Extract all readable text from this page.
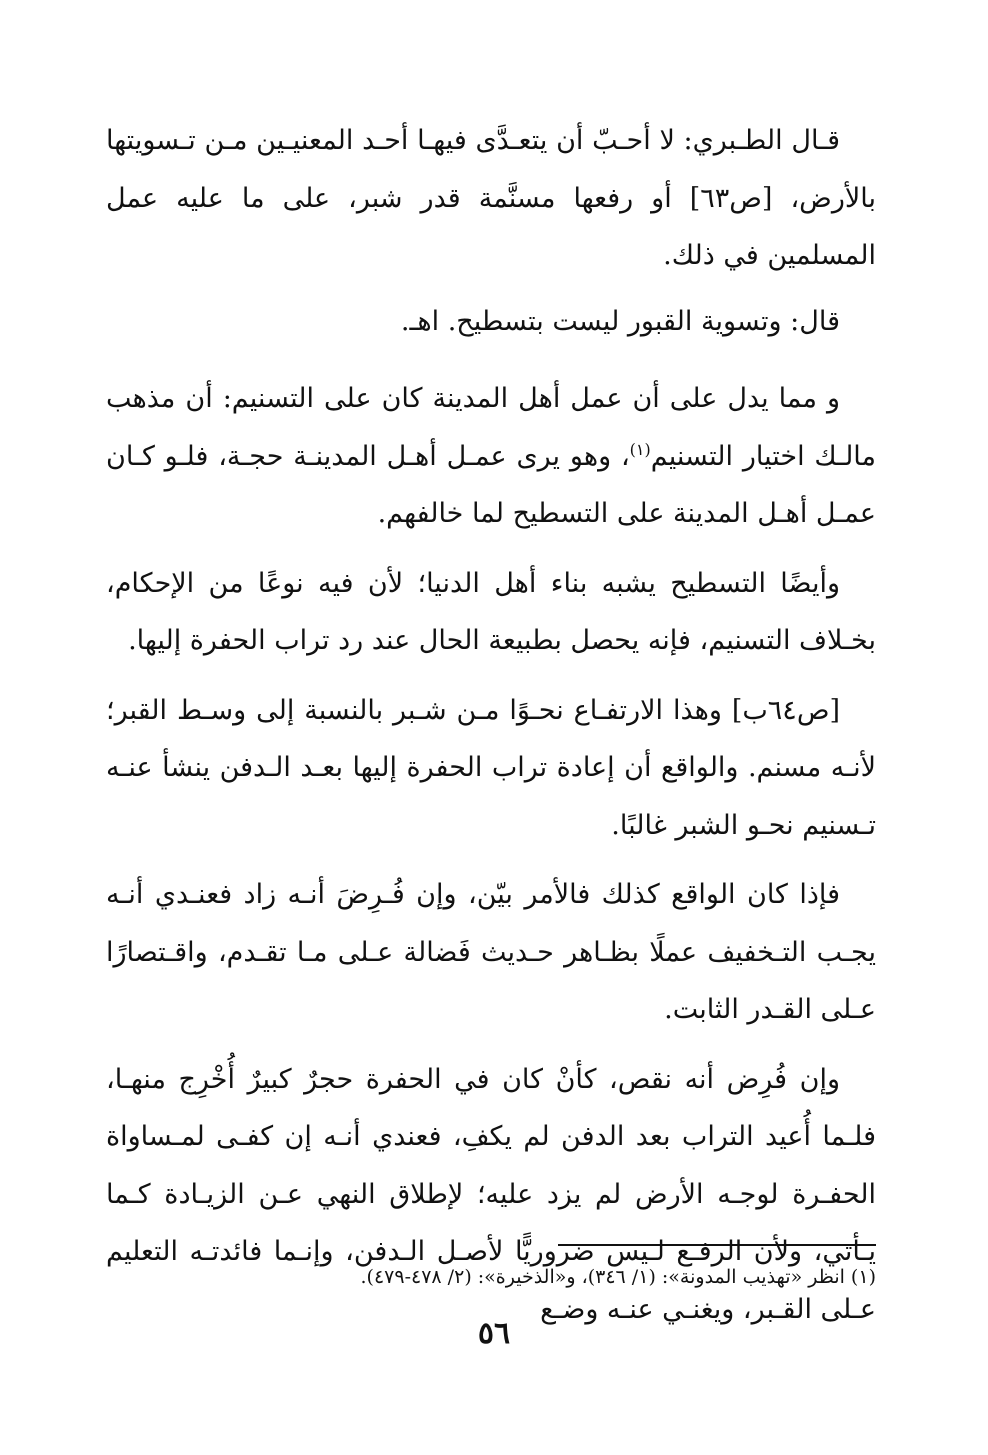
قـال الطـبري: لا أحـبّ أن يتعـدَّى فيهـا أحـد المعنيـين مـن تـسويتها بالأرض، [ص٦٣] أو رفعها مسنَّمة قدر شبر، على ما عليه عمل المسلمين في ذلك.

قال: وتسوية القبور ليست بتسطيح. اهـ.

و مما يدل على أن عمل أهل المدينة كان على التسنيم: أن مذهب مالـك اختيار التسنيم$^{(١)}$، وهو يرى عمـل أهـل المدينـة حجـة، فلـو كـان عمـل أهـل المدينة على التسطيح لما خالفهم.

وأيضًا التسطيح يشبه بناء أهل الدنيا؛ لأن فيه نوعًا من الإحكام، بخـلاف التسنيم، فإنه يحصل بطبيعة الحال عند رد تراب الحفرة إليها.

[ص٦٤ب] وهذا الارتفـاع نحـوًا مـن شـبر بالنسبة إلى وسـط القبر؛ لأنـه مسنم. والواقع أن إعادة تراب الحفرة إليها بعـد الـدفن ينشأ عنـه تـسنيم نحـو الشبر غالبًا.

فإذا كان الواقع كذلك فالأمر بيّن، وإن فُـرِضَ أنـه زاد فعنـدي أنـه يجـب التـخفيف عملًا بظـاهر حـديث فَضالة عـلى مـا تقـدم، واقـتصارًا عـلى القـدر الثابت.

وإن فُرِض أنه نقص، كأنْ كان في الحفرة حجرٌ كبيرٌ أُخْرِج منهـا، فلـما أُعيد التراب بعد الدفن لم يكفِ، فعندي أنـه إن كفـى لمـساواة الحفـرة لوجـه الأرض لم يزد عليه؛ لإطلاق النهي عـن الزيـادة كـما يـأتي، ولأن الرفـع لـيس ضروريًّا لأصـل الـدفن، وإنـما فائدتـه التعليم عـلى القـبر، ويغنـي عنـه وضـع

(١) انظر «تهذيب المدونة»: (١/ ٣٤٦)، و«الذخيرة»: (٢/ ٤٧٨-٤٧٩).
٥٦
